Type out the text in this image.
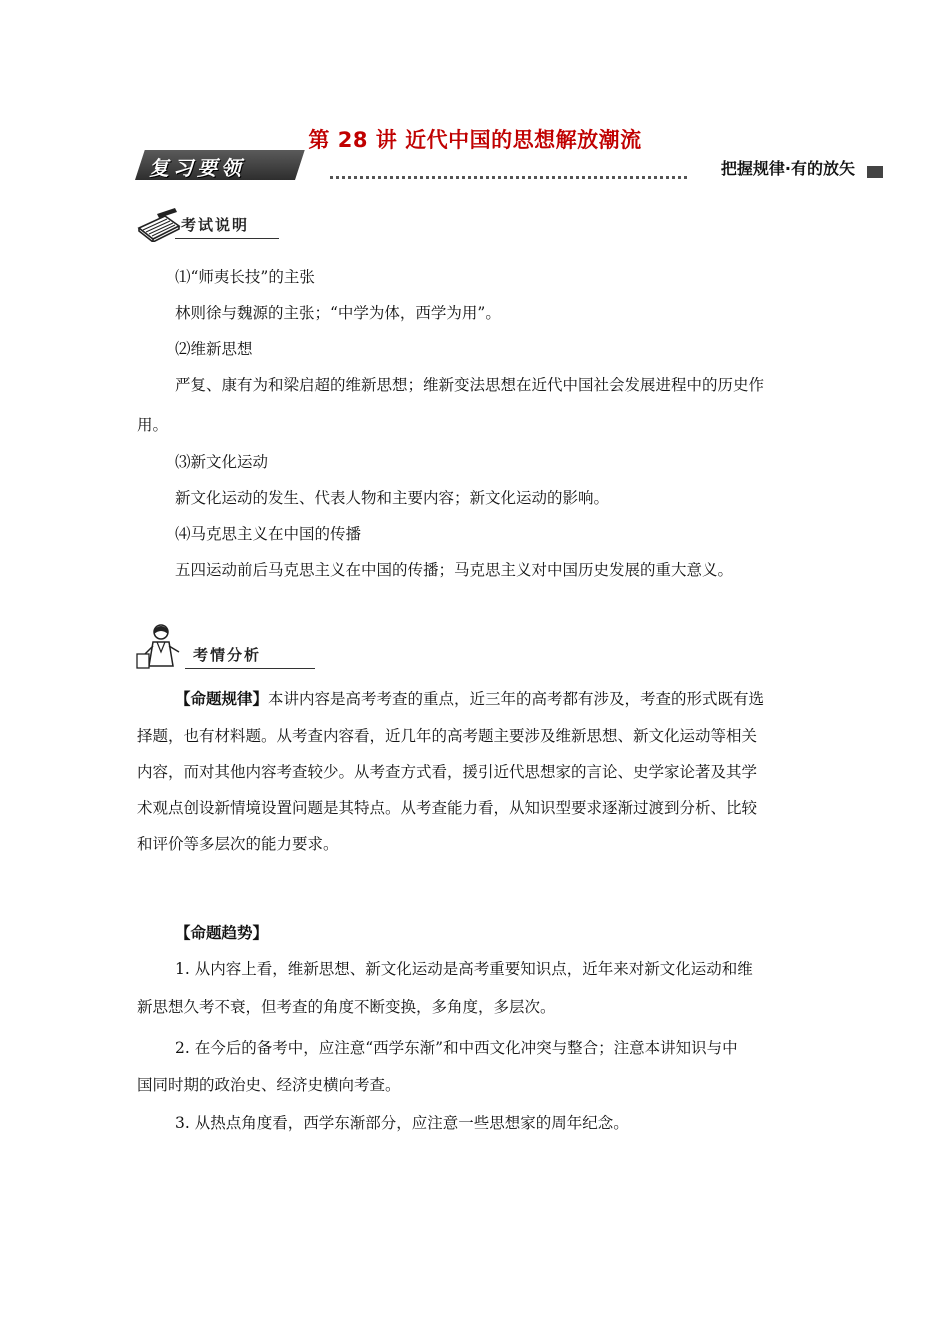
第 28 讲 近代中国的思想解放潮流
复习要领	把握规律·有的放矢
考试说明
⑴“师夷长技”的主张
林则徐与魏源的主张；“中学为体，西学为用”。
⑵维新思想
严复、康有为和梁启超的维新思想；维新变法思想在近代中国社会发展进程中的历史作
用。
⑶新文化运动
新文化运动的发生、代表人物和主要内容；新文化运动的影响。
⑷马克思主义在中国的传播
五四运动前后马克思主义在中国的传播；马克思主义对中国历史发展的重大意义。
考情分析
【命题规律】本讲内容是高考考查的重点，近三年的高考都有涉及，考查的形式既有选
择题，也有材料题。从考查内容看，近几年的高考题主要涉及维新思想、新文化运动等相关
内容，而对其他内容考查较少。从考查方式看，援引近代思想家的言论、史学家论著及其学
术观点创设新情境设置问题是其特点。从考查能力看，从知识型要求逐渐过渡到分析、比较
和评价等多层次的能力要求。
【命题趋势】
1. 从内容上看，维新思想、新文化运动是高考重要知识点，近年来对新文化运动和维
新思想久考不衰，但考查的角度不断变换，多角度，多层次。
2. 在今后的备考中，应注意“西学东渐”和中西文化冲突与整合；注意本讲知识与中
国同时期的政治史、经济史横向考查。
3. 从热点角度看，西学东渐部分，应注意一些思想家的周年纪念。
